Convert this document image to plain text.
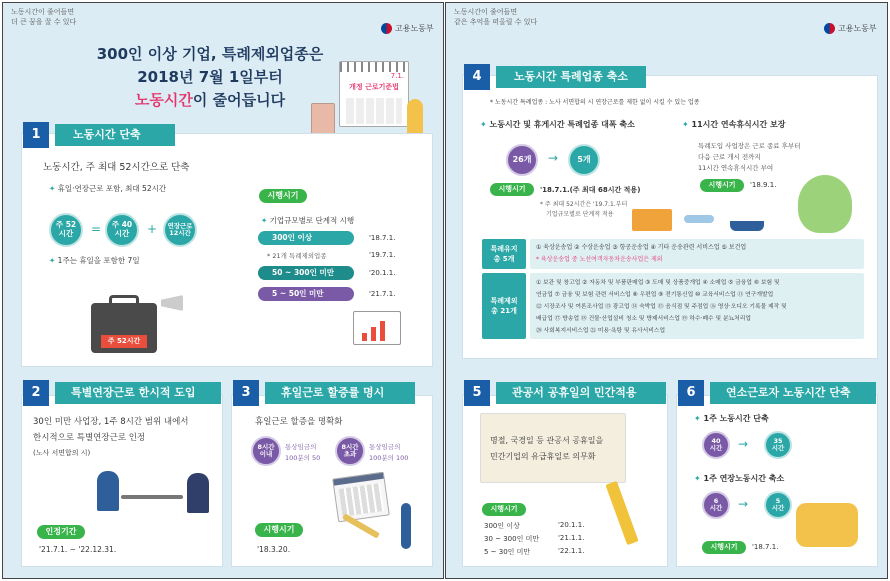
노동시간이 줄어들면
더 큰 꿈을 꿀 수 있다
고용노동부
300인 이상 기업, 특례제외업종은
2018년 7월 1일부터
노동시간이 줄어듭니다
7.1.
개정 근로기준법
노동시간 단축
1
노동시간, 주 최대 52시간으로 단축
✦ 휴일·연장근로 포함, 최대 52시간
주 52
시간	=	주 40
시간	+	연장근로
12시간
✦ 1주는 휴일을 포함한 7일
주 52시간
시행시기
✦ 기업규모별로 단계적 시행
300인 이상	'18.7.1.
* 21개 특례제외업종	'19.7.1.
50 ~ 300인 미만	'20.1.1.
5 ~ 50인 미만	'21.7.1.
특별연장근로 한시적 도입
2
30인 미만 사업장, 1주 8시간 범위 내에서
한시적으로 특별연장근로 인정
(노사 서면합의 시)
인정기간
'21.7.1. ~ '22.12.31.
휴일근로 할증률 명시
3
휴일근로 할증을 명확화
8시간
이내
통상임금의
100분의 50
8시간
초과
통상임금의
100분의 100
시행시기
'18.3.20.
노동시간이 줄어들면
같은 추억을 떠올릴 수 있다
고용노동부
노동시간 특례업종 축소
4
* 노동시간 특례업종 : 노사 서면합의 시 연장근로를 제한 없이 시킬 수 있는 업종
✦ 노동시간 및 휴게시간 특례업종 대폭 축소
26개	→	5개
시행시기	'18.7.1.(주 최대 68시간 적용)
* 주 최대 52시간은 '19.7.1.부터
기업규모별로 단계적 적용
✦ 11시간 연속휴식시간 보장
특례도입 사업장은 근로 종료 후부터
다음 근로 개시 전까지
11시간 연속휴식시간 부여
시행시기	'18.9.1.
특례유지
총 5개
① 육상운송업 ② 수상운송업 ③ 항공운송업 ④ 기타 운송관련 서비스업 ⑤ 보건업
* 육상운송업 중 노선여객자동차운송사업은 제외
특례제외
총 21개
① 보관 및 창고업 ② 자동차 및 부품판매업 ③ 도매 및 상품중개업 ④ 소매업 ⑤ 금융업 ⑥ 보험 및
연금업 ⑦ 금융 및 보험 관련 서비스업 ⑧ 우편업 ⑨ 전기통신업 ⑩ 교육서비스업 ⑪ 연구개발업
⑫ 시장조사 및 여론조사업 ⑬ 광고업 ⑭ 숙박업 ⑮ 음식점 및 주점업 ⑯ 영상·오디오 기록물 제작 및
배급업 ⑰ 방송업 ⑱ 건물·산업설비 청소 및 방제서비스업 ⑲ 하수·폐수 및 분뇨처리업
⑳ 사회복지서비스업 ㉑ 미용·욕탕 및 유사서비스업
관공서 공휴일의 민간적용
5
명절, 국경일 등 관공서 공휴일을
민간기업의 유급휴일로 의무화
시행시기
300인 이상	'20.1.1.
30 ~ 300인 미만	'21.1.1.
5 ~ 30인 미만	'22.1.1.
연소근로자 노동시간 단축
6
✦ 1주 노동시간 단축
40
시간	→	35
시간
✦ 1주 연장노동시간 축소
6
시간	→	5
시간
시행시기	'18.7.1.
